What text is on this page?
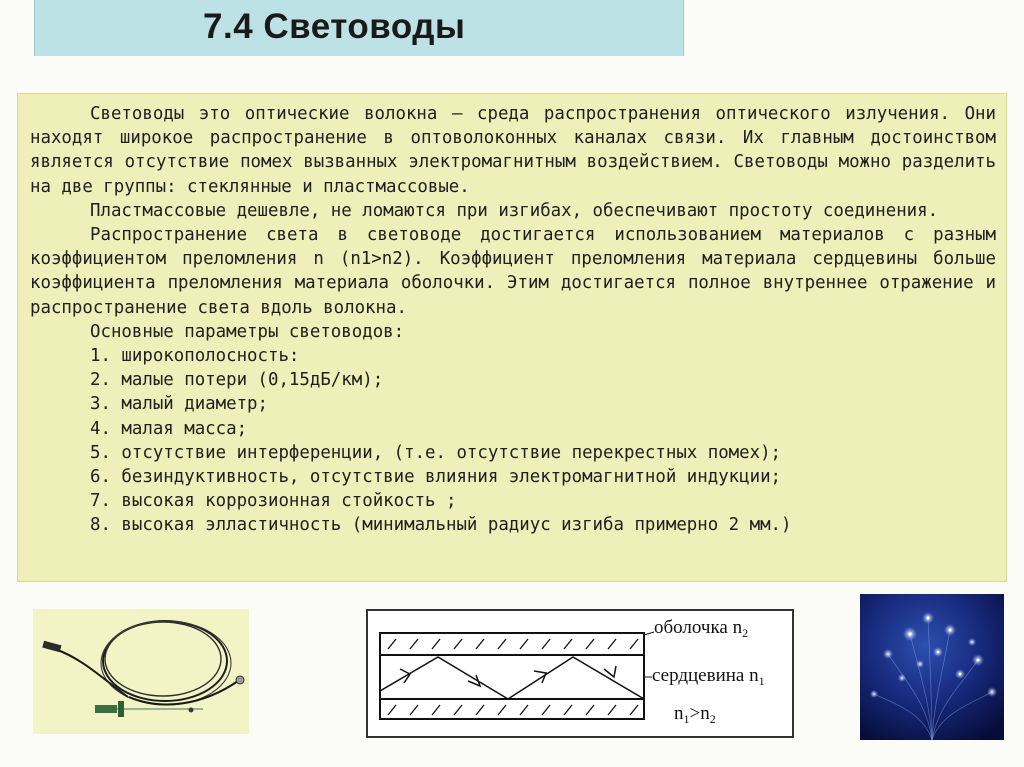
7.4 Световоды

Световоды это оптические волокна – среда распространения оптического излучения. Они находят широкое распространение в оптоволоконных каналах связи. Их главным достоинством является отсутствие помех вызванных электромагнитным воздействием. Световоды можно разделить на две группы: стеклянные и пластмассовые.

Пластмассовые дешевле, не ломаются при изгибах, обеспечивают простоту соединения.

Распространение света в световоде достигается использованием материалов с разным коэффициентом преломления n (n1>n2). Коэффициент преломления материала сердцевины больше коэффициента преломления материала оболочки. Этим достигается полное внутреннее отражение и распространение света вдоль волокна.

Основные параметры световодов:

1. широкополосность:

2. малые потери (0,15дБ/км);

3. малый диаметр;

4. малая масса;

5. отсутствие интерференции, (т.е. отсутствие перекрестных помех);

6. безиндуктивность, отсутствие влияния электромагнитной индукции;

7. высокая коррозионная стойкость ;

8. высокая элластичность (минимальный радиус изгиба примерно 2 мм.)

оболочка $n_2$
сердцевина $n_1$
$n_1>n_2$
